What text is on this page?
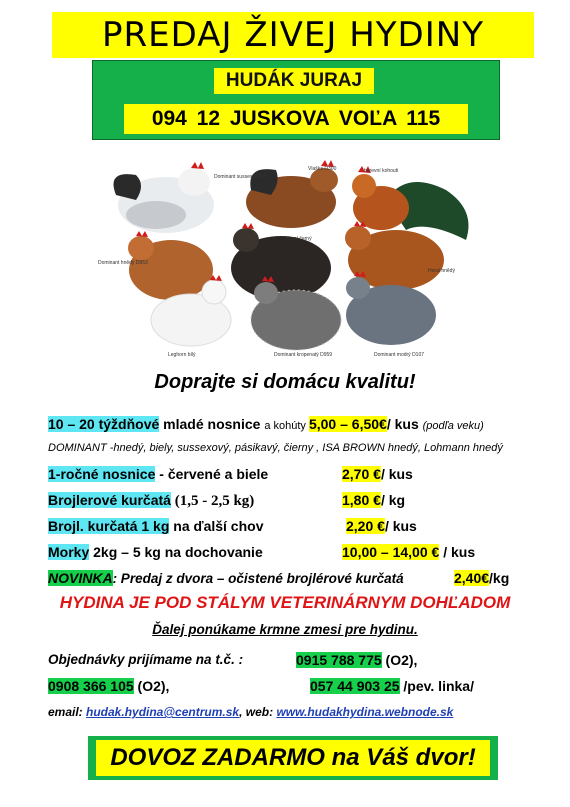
PREDAJ ŽIVEJ HYDINY
HUDÁK JURAJ
094 12 JUSKOVA VOĽA 115
Dominant sussex D104
Vlaška D300	barevní kohouti
Dominant hnědý D853
Horal černý
Horal hnědý
Leghorn bílý	Dominant kropenatý D959	Dominant modrý D107
Doprajte si domácu kvalitu!
10 – 20 týždňové mladé nosnice a kohúty 5,00 – 6,50€/ kus (podľa veku)
DOMINANT -hnedý, biely, sussexový, pásikavý, čierny , ISA BROWN hnedý, Lohmann hnedý
1-ročné nosnice - červené a biele	2,70 €/ kus
Brojlerové kurčatá (1,5 - 2,5 kg)	1,80 €/ kg
Brojl. kurčatá 1 kg na ďalší chov	2,20 €/ kus
Morky 2kg – 5 kg na dochovanie	10,00 – 14,00 € / kus
NOVINKA: Predaj z dvora – očistené brojlérové kurčatá	2,40€/kg
HYDINA JE POD STÁLYM VETERINÁRNYM DOHĽADOM
Ďalej ponúkame krmne zmesi pre hydinu.
Objednávky prijímame na t.č. :	0915 788 775 (O2),
0908 366 105 (O2),	057 44 903 25 /pev. linka/
email: hudak.hydina@centrum.sk, web: www.hudakhydina.webnode.sk
DOVOZ ZADARMO na Váš dvor!
